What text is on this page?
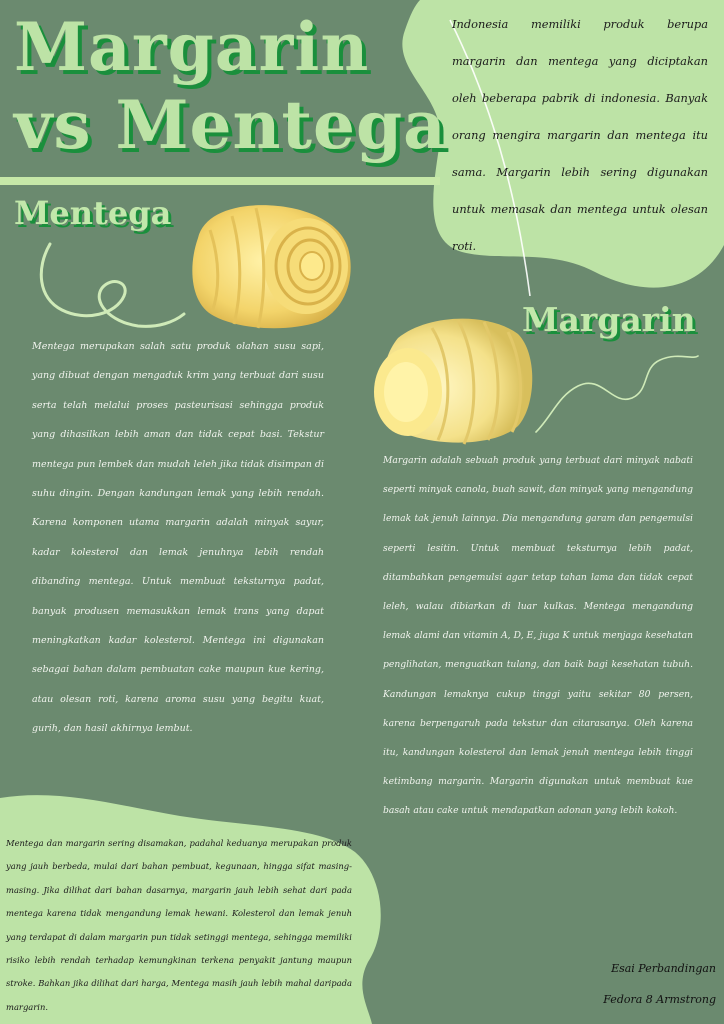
Margarin
vs Mentega

Indonesia memiliki produk berupa margarin dan mentega yang diciptakan oleh beberapa pabrik di indonesia. Banyak orang mengira margarin dan mentega itu sama. Margarin lebih sering digunakan untuk memasak dan mentega untuk olesan roti.

Mentega

Mentega merupakan salah satu produk olahan susu sapi, yang dibuat dengan mengaduk krim yang terbuat dari susu serta telah melalui proses pasteurisasi sehingga produk yang dihasilkan lebih aman dan tidak cepat basi. Tekstur mentega pun lembek dan mudah leleh jika tidak disimpan di suhu dingin. Dengan kandungan lemak yang lebih rendah. Karena komponen utama margarin adalah minyak sayur, kadar kolesterol dan lemak jenuhnya lebih rendah dibanding mentega. Untuk membuat teksturnya padat, banyak produsen memasukkan lemak trans yang dapat meningkatkan kadar kolesterol. Mentega ini digunakan sebagai bahan dalam pembuatan cake maupun kue kering, atau olesan roti, karena aroma susu yang begitu kuat, gurih, dan hasil akhirnya lembut.

Margarin

Margarin adalah sebuah produk yang terbuat dari minyak nabati seperti minyak canola, buah sawit, dan minyak yang mengandung lemak tak jenuh lainnya. Dia mengandung garam dan pengemulsi seperti lesitin. Untuk membuat teksturnya lebih padat, ditambahkan pengemulsi agar tetap tahan lama dan tidak cepat leleh, walau dibiarkan di luar kulkas. Mentega mengandung lemak alami dan vitamin A, D, E, juga K untuk menjaga kesehatan penglihatan, menguatkan tulang, dan baik bagi kesehatan tubuh. Kandungan lemaknya cukup tinggi yaitu sekitar 80 persen, karena berpengaruh pada tekstur dan citarasanya. Oleh karena itu, kandungan kolesterol dan lemak jenuh mentega lebih tinggi ketimbang margarin. Margarin digunakan untuk membuat kue basah atau cake untuk mendapatkan adonan yang lebih kokoh.

Mentega dan margarin sering disamakan, padahal keduanya merupakan produk yang jauh berbeda, mulai dari bahan pembuat, kegunaan, hingga sifat masing-masing. Jika dilihat dari bahan dasarnya, margarin jauh lebih sehat dari pada mentega karena tidak mengandung lemak hewani. Kolesterol dan lemak jenuh yang terdapat di dalam margarin pun tidak setinggi mentega, sehingga memiliki risiko lebih rendah terhadap kemungkinan terkena penyakit jantung maupun stroke. Bahkan jika dilihat dari harga, Mentega masih jauh lebih mahal daripada margarin.

Esai Perbandingan

Fedora 8 Armstrong
